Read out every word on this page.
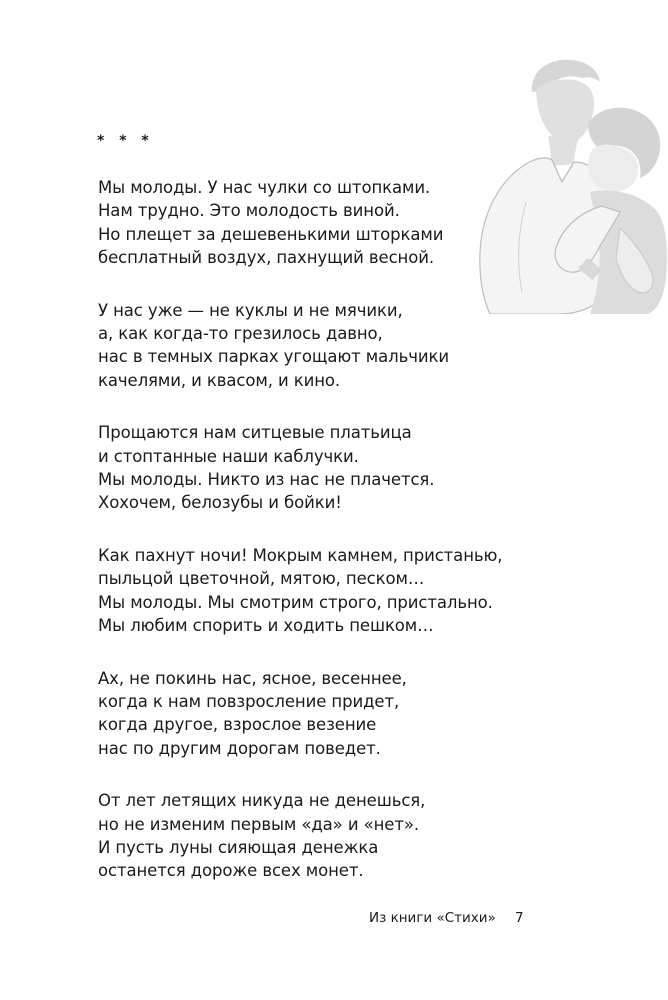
* * *
Мы молоды. У нас чулки со штопками.
Нам трудно. Это молодость виной.
Но плещет за дешевенькими шторками
бесплатный воздух, пахнущий весной.
У нас уже — не куклы и не мячики,
а, как когда-то грезилось давно,
нас в темных парках угощают мальчики
качелями, и квасом, и кино.
Прощаются нам ситцевые платьица
и стоптанные наши каблучки.
Мы молоды. Никто из нас не плачется.
Хохочем, белозубы и бойки!
Как пахнут ночи! Мокрым камнем, пристанью,
пыльцой цветочной, мятою, песком…
Мы молоды. Мы смотрим строго, пристально.
Мы любим спорить и ходить пешком…
Ах, не покинь нас, ясное, весеннее,
когда к нам повзросление придет,
когда другое, взрослое везение
нас по другим дорогам поведет.
От лет летящих никуда не денешься,
но не изменим первым «да» и «нет».
И пусть луны сияющая денежка
останется дороже всех монет.
Из книги «Стихи» 7
